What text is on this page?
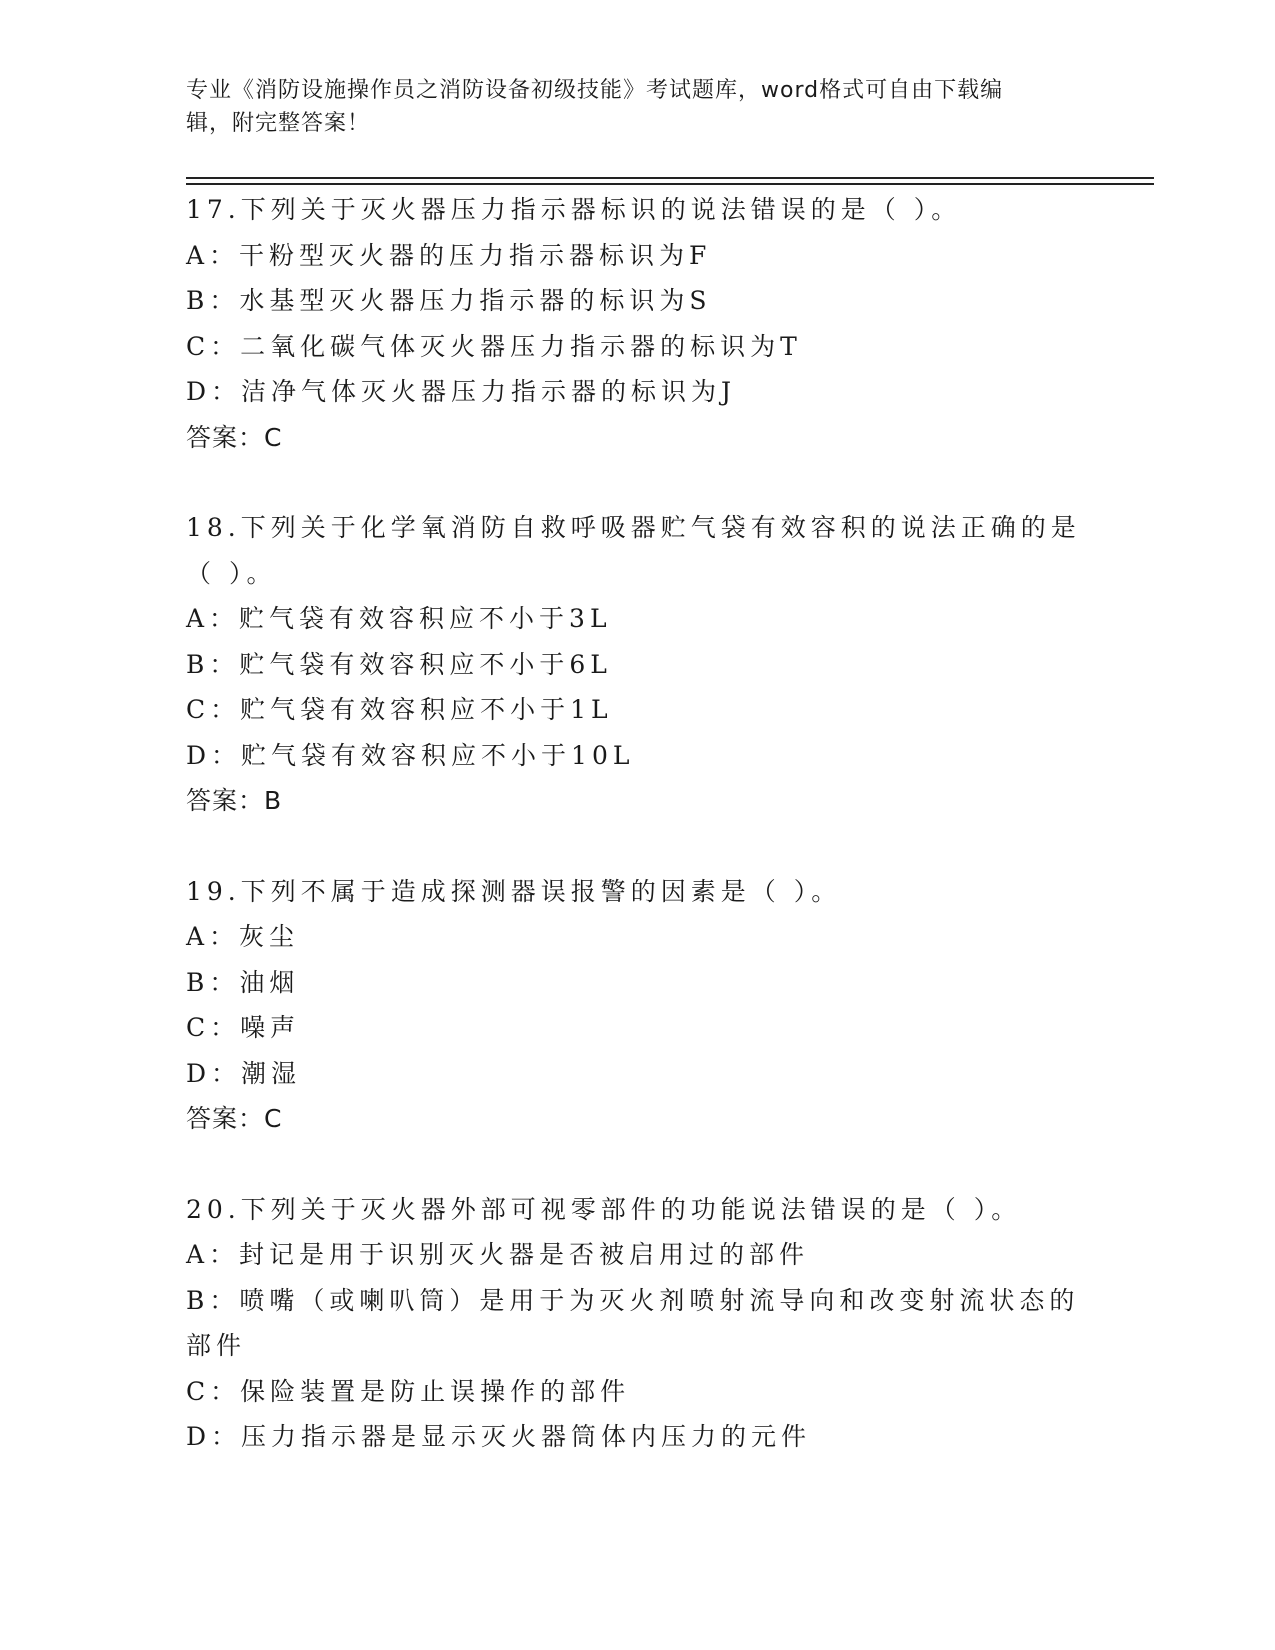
专业《消防设施操作员之消防设备初级技能》考试题库，word格式可自由下载编
辑，附完整答案！
17.下列关于灭火器压力指示器标识的说法错误的是（ ）。
A：干粉型灭火器的压力指示器标识为F
B：水基型灭火器压力指示器的标识为S
C：二氧化碳气体灭火器压力指示器的标识为T
D：洁净气体灭火器压力指示器的标识为J
答案：C
18.下列关于化学氧消防自救呼吸器贮气袋有效容积的说法正确的是（ ）。
A：贮气袋有效容积应不小于3L
B：贮气袋有效容积应不小于6L
C：贮气袋有效容积应不小于1L
D：贮气袋有效容积应不小于10L
答案：B
19.下列不属于造成探测器误报警的因素是（ ）。
A：灰尘
B：油烟
C：噪声
D：潮湿
答案：C
20.下列关于灭火器外部可视零部件的功能说法错误的是（ ）。
A：封记是用于识别灭火器是否被启用过的部件
B：喷嘴（或喇叭筒）是用于为灭火剂喷射流导向和改变射流状态的部件
C：保险装置是防止误操作的部件
D：压力指示器是显示灭火器筒体内压力的元件
